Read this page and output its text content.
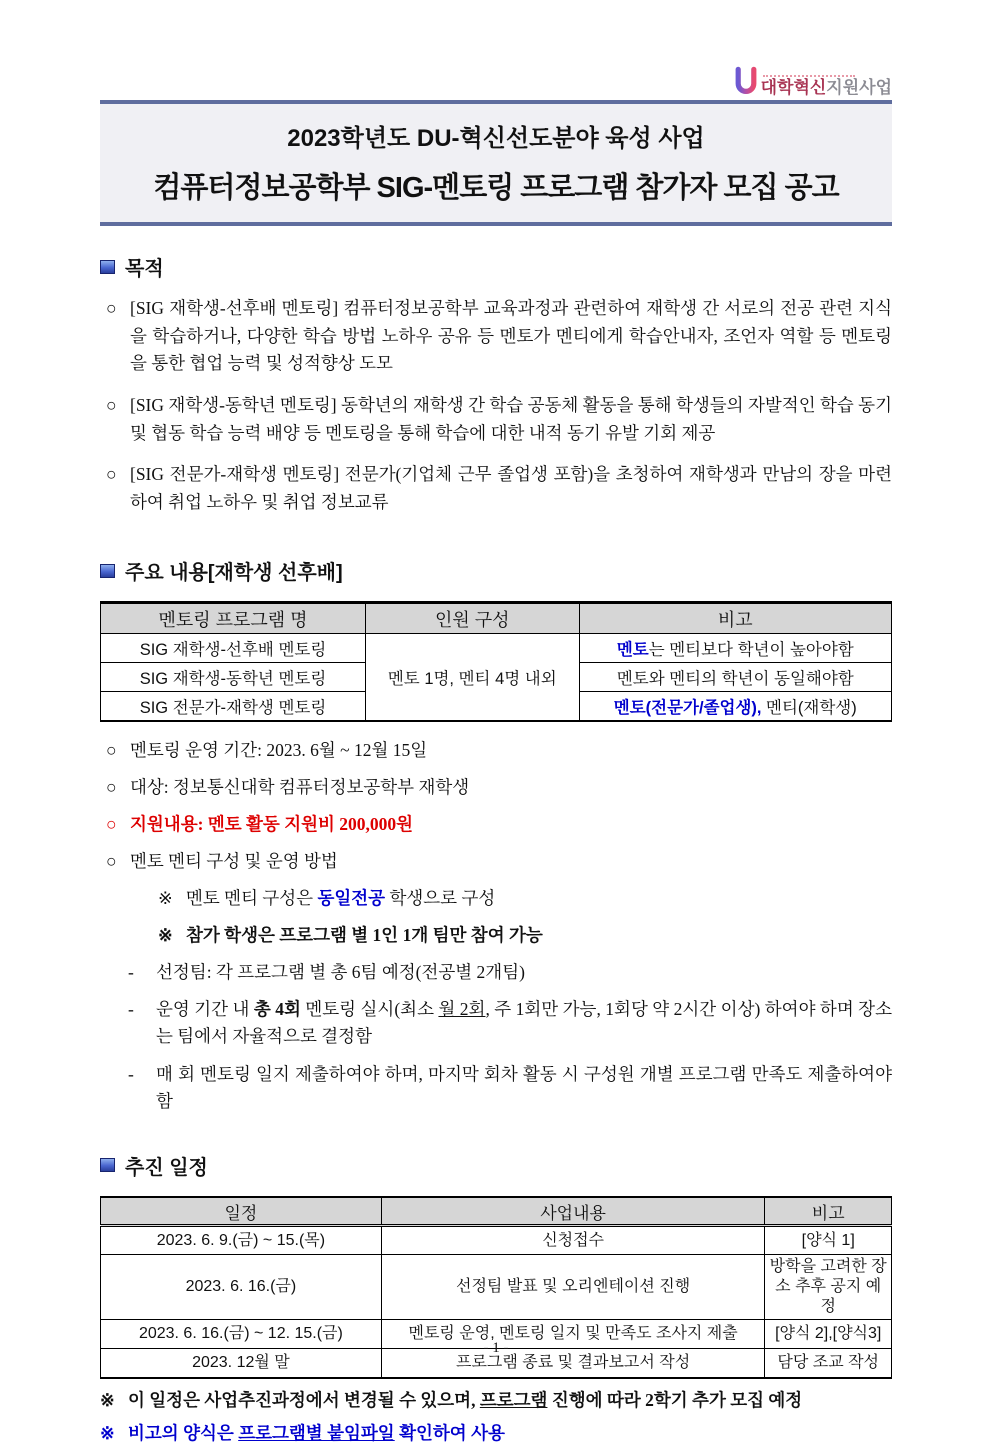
대학혁신지원사업
2023학년도 DU-혁신선도분야 육성 사업
컴퓨터정보공학부 SIG-멘토링 프로그램 참가자 모집 공고
목적
○ [SIG 재학생-선후배 멘토링] 컴퓨터정보공학부 교육과정과 관련하여 재학생 간 서로의 전공 관련 지식을 학습하거나, 다양한 학습 방법 노하우 공유 등 멘토가 멘티에게 학습안내자, 조언자 역할 등 멘토링을 통한 협업 능력 및 성적향상 도모
○ [SIG 재학생-동학년 멘토링] 동학년의 재학생 간 학습 공동체 활동을 통해 학생들의 자발적인 학습 동기 및 협동 학습 능력 배양 등 멘토링을 통해 학습에 대한 내적 동기 유발 기회 제공
○ [SIG 전문가-재학생 멘토링] 전문가(기업체 근무 졸업생 포함)을 초청하여 재학생과 만남의 장을 마련하여 취업 노하우 및 취업 정보교류
주요 내용[재학생 선후배]
멘토링 프로그램 명	인원 구성	비고
SIG 재학생-선후배 멘토링	멘토 1명, 멘티 4명 내외	멘토는 멘티보다 학년이 높아야함
SIG 재학생-동학년 멘토링		멘토와 멘티의 학년이 동일해야함
SIG 전문가-재학생 멘토링		멘토(전문가/졸업생), 멘티(재학생)
○ 멘토링 운영 기간: 2023. 6월 ~ 12월 15일
○ 대상: 정보통신대학 컴퓨터정보공학부 재학생
○ 지원내용: 멘토 활동 지원비 200,000원
○ 멘토 멘티 구성 및 운영 방법
※ 멘토 멘티 구성은 동일전공 학생으로 구성
※ 참가 학생은 프로그램 별 1인 1개 팀만 참여 가능
-	선정팀: 각 프로그램 별 총 6팀 예정(전공별 2개팀)
-	운영 기간 내 총 4회 멘토링 실시(최소 월 2회, 주 1회만 가능, 1회당 약 2시간 이상) 하여야 하며 장소는 팀에서 자율적으로 결정함
-	매 회 멘토링 일지 제출하여야 하며, 마지막 회차 활동 시 구성원 개별 프로그램 만족도 제출하여야 함
추진 일정
일정	사업내용	비고
2023. 6. 9.(금) ~ 15.(목)	신청접수	[양식 1]
2023. 6. 16.(금)	선정팀 발표 및 오리엔테이션 진행	방학을 고려한 장소 추후 공지 예정
2023. 6. 16.(금) ~ 12. 15.(금)	멘토링 운영, 멘토링 일지 및 만족도 조사지 제출	[양식 2],[양식3]
2023. 12월 말	프로그램 종료 및 결과보고서 작성	담당 조교 작성
※ 이 일정은 사업추진과정에서 변경될 수 있으며, 프로그램 진행에 따라 2학기 추가 모집 예정
※ 비고의 양식은 프로그램별 붙임파일 확인하여 사용
- 1 -
